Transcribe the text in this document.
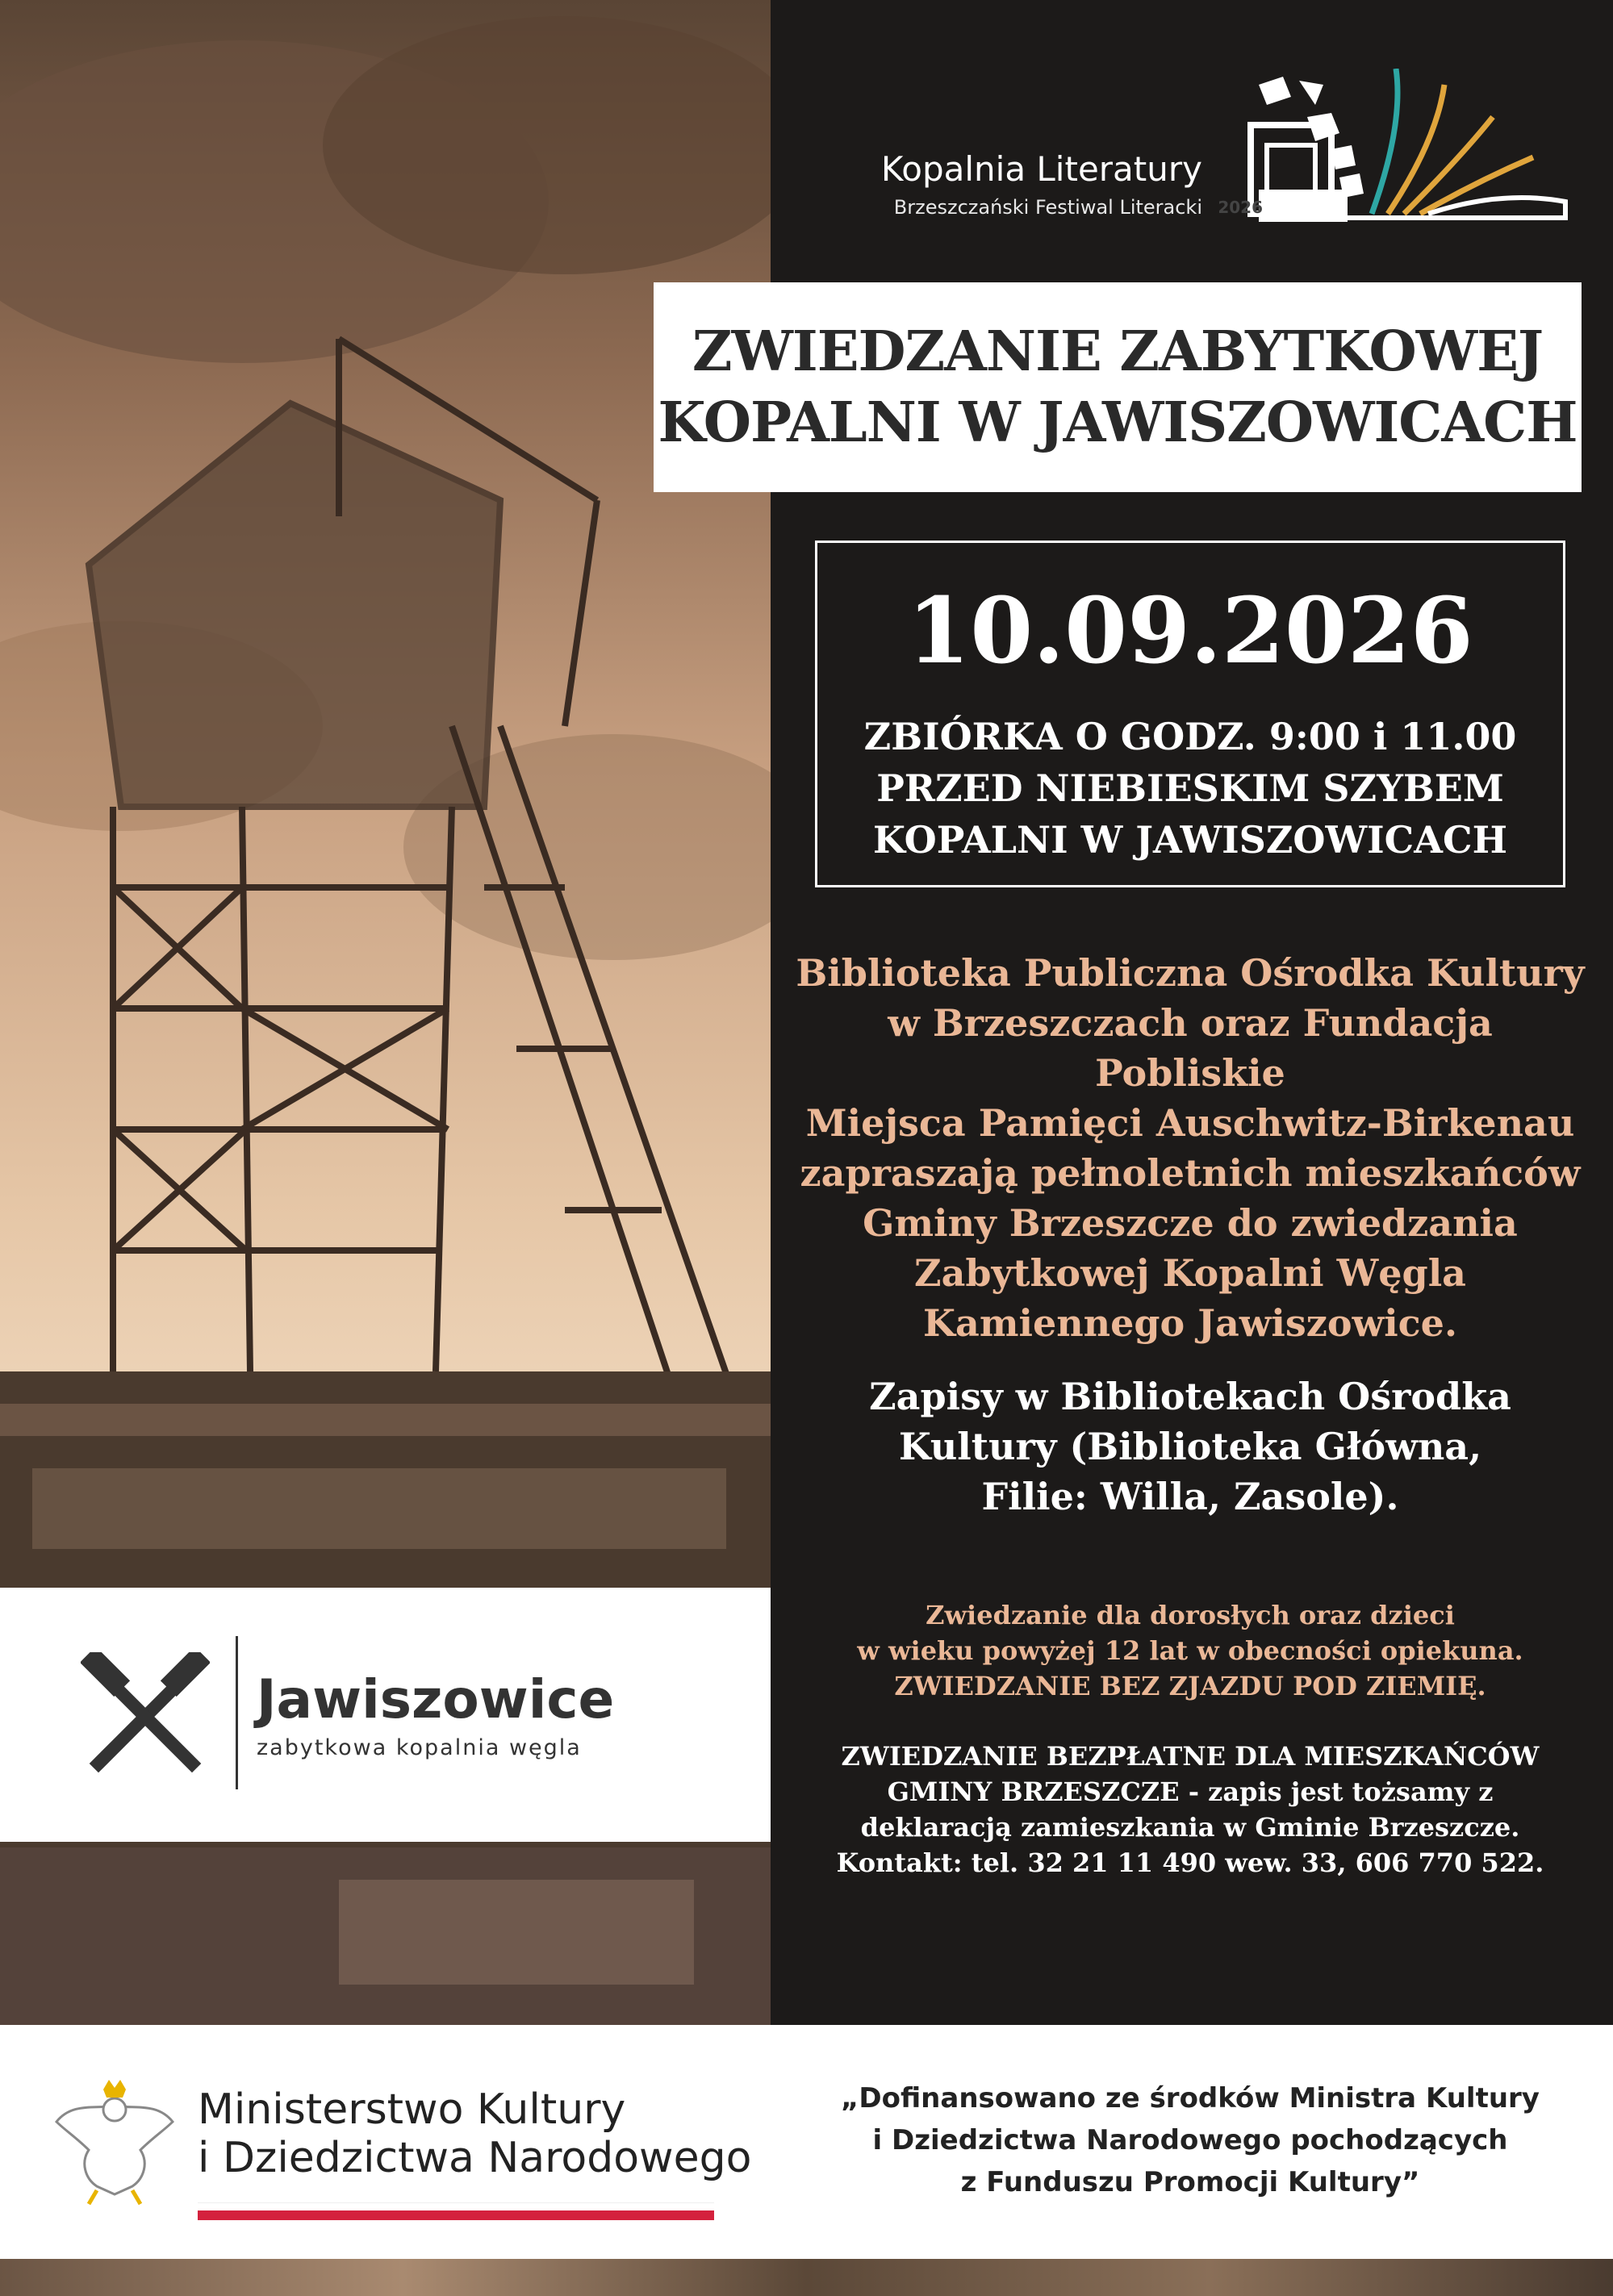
Kopalnia Literatury
Brzeszczański Festiwal Literacki 2026
ZWIEDZANIE ZABYTKOWEJ
KOPALNI W JAWISZOWICACH
10.09.2026
ZBIÓRKA O GODZ. 9:00 i 11.00
PRZED NIEBIESKIM SZYBEM
KOPALNI W JAWISZOWICACH
Biblioteka Publiczna Ośrodka Kultury
w Brzeszczach oraz Fundacja Pobliskie
Miejsca Pamięci Auschwitz-Birkenau
zapraszają pełnoletnich mieszkańców
Gminy Brzeszcze do zwiedzania
Zabytkowej Kopalni Węgla
Kamiennego Jawiszowice.
Zapisy w Bibliotekach Ośrodka
Kultury (Biblioteka Główna,
Filie: Willa, Zasole).
Zwiedzanie dla dorosłych oraz dzieci
w wieku powyżej 12 lat w obecności opiekuna.
ZWIEDZANIE BEZ ZJAZDU POD ZIEMIĘ.
ZWIEDZANIE BEZPŁATNE DLA MIESZKAŃCÓW
GMINY BRZESZCZE - zapis jest tożsamy z
deklaracją zamieszkania w Gminie Brzeszcze.
Kontakt: tel. 32 21 11 490 wew. 33, 606 770 522.
Jawiszowice
zabytkowa kopalnia węgla
Ministerstwo Kultury
i Dziedzictwa Narodowego
„Dofinansowano ze środków Ministra Kultury
i Dziedzictwa Narodowego pochodzących
z Funduszu Promocji Kultury”
